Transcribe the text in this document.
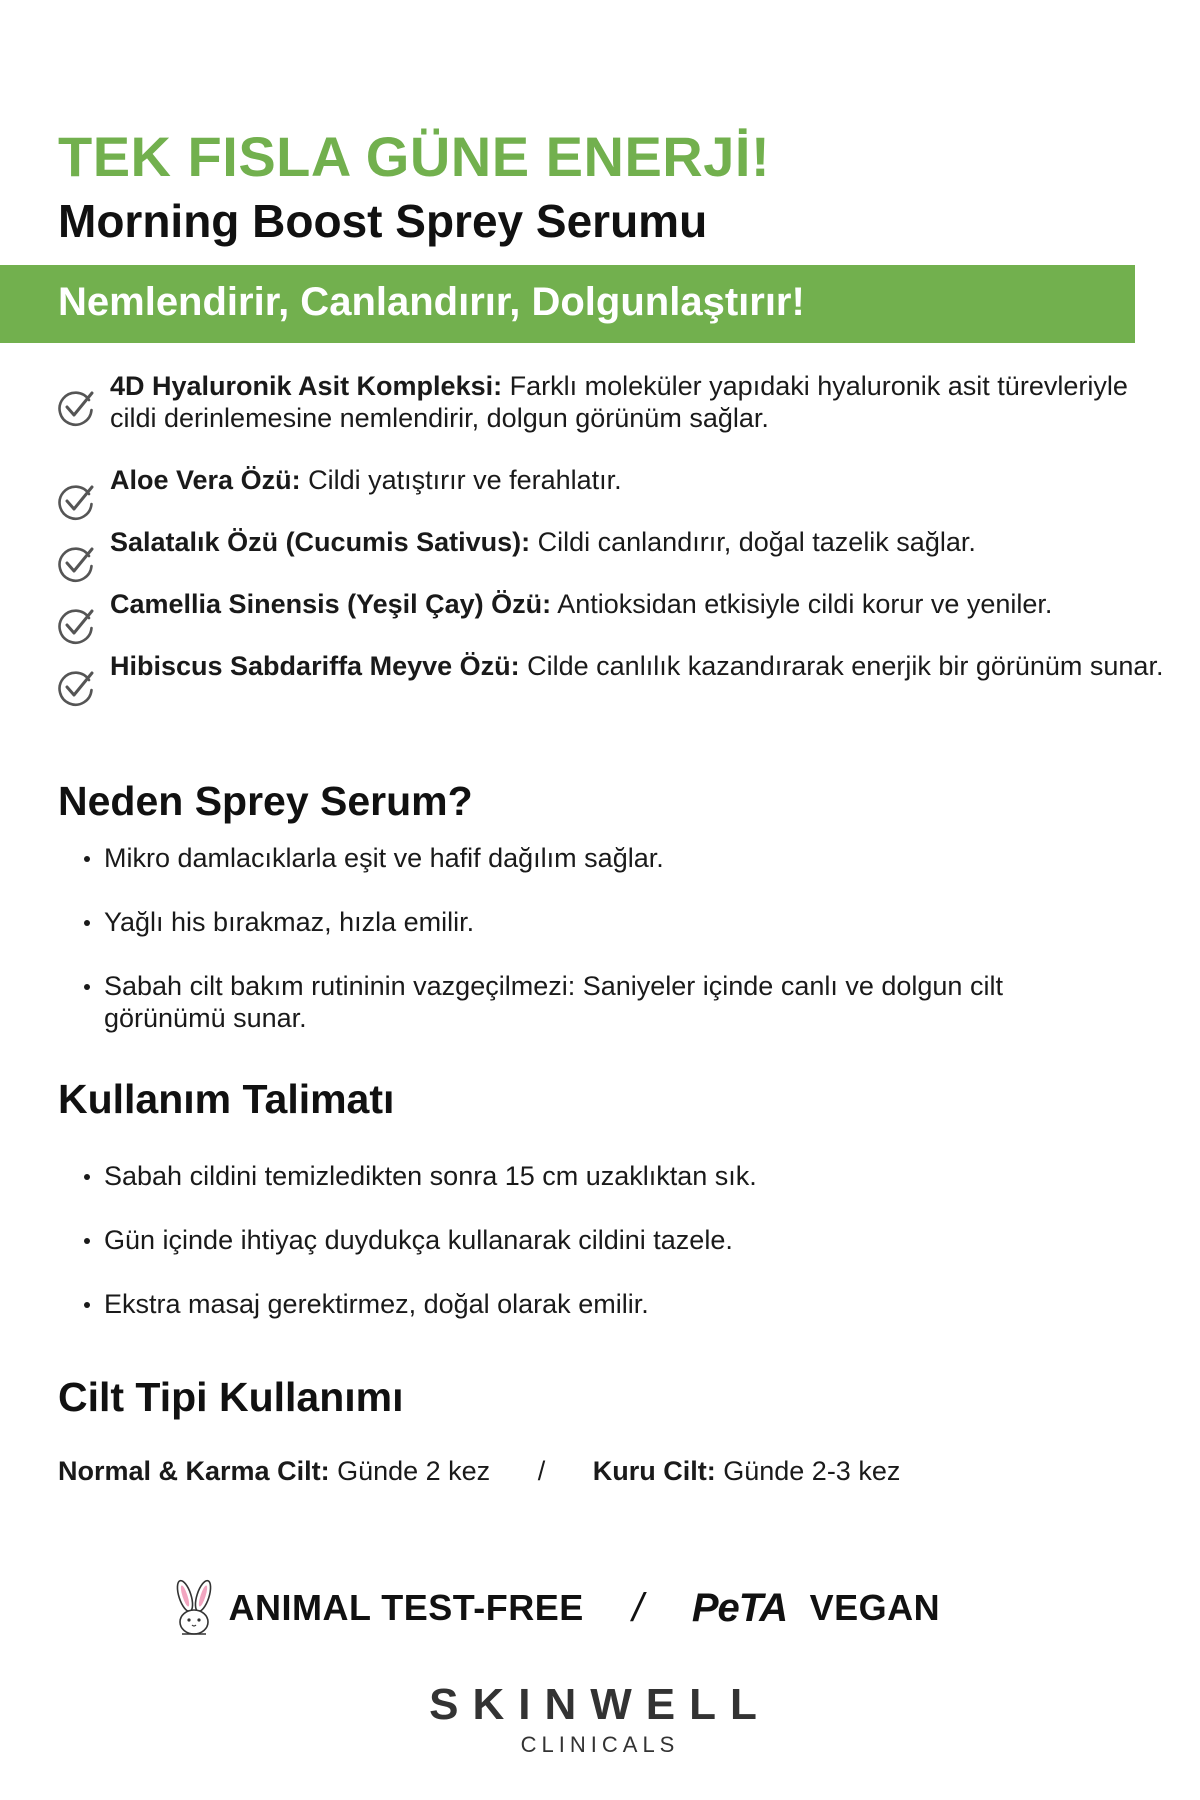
TEK FISLA GÜNE ENERJİ!
Morning Boost Sprey Serumu
Nemlendirir, Canlandırır, Dolgunlaştırır!
4D Hyaluronik Asit Kompleksi: Farklı moleküler yapıdaki hyaluronik asit türevleriyle cildi derinlemesine nemlendirir, dolgun görünüm sağlar.
Aloe Vera Özü: Cildi yatıştırır ve ferahlatır.
Salatalık Özü (Cucumis Sativus): Cildi canlandırır, doğal tazelik sağlar.
Camellia Sinensis (Yeşil Çay) Özü: Antioksidan etkisiyle cildi korur ve yeniler.
Hibiscus Sabdariffa Meyve Özü: Cilde canlılık kazandırarak enerjik bir görünüm sunar.
Neden Sprey Serum?
Mikro damlacıklarla eşit ve hafif dağılım sağlar.
Yağlı his bırakmaz, hızla emilir.
Sabah cilt bakım rutininin vazgeçilmezi: Saniyeler içinde canlı ve dolgun cilt görünümü sunar.
Kullanım Talimatı
Sabah cildini temizledikten sonra 15 cm uzaklıktan sık.
Gün içinde ihtiyaç duydukça kullanarak cildini tazele.
Ekstra masaj gerektirmez, doğal olarak emilir.
Cilt Tipi Kullanımı
Normal & Karma Cilt: Günde 2 kez / Kuru Cilt: Günde 2-3 kez
ANIMAL TEST-FREE / PeTA VEGAN
SKINWELL
CLINICALS
